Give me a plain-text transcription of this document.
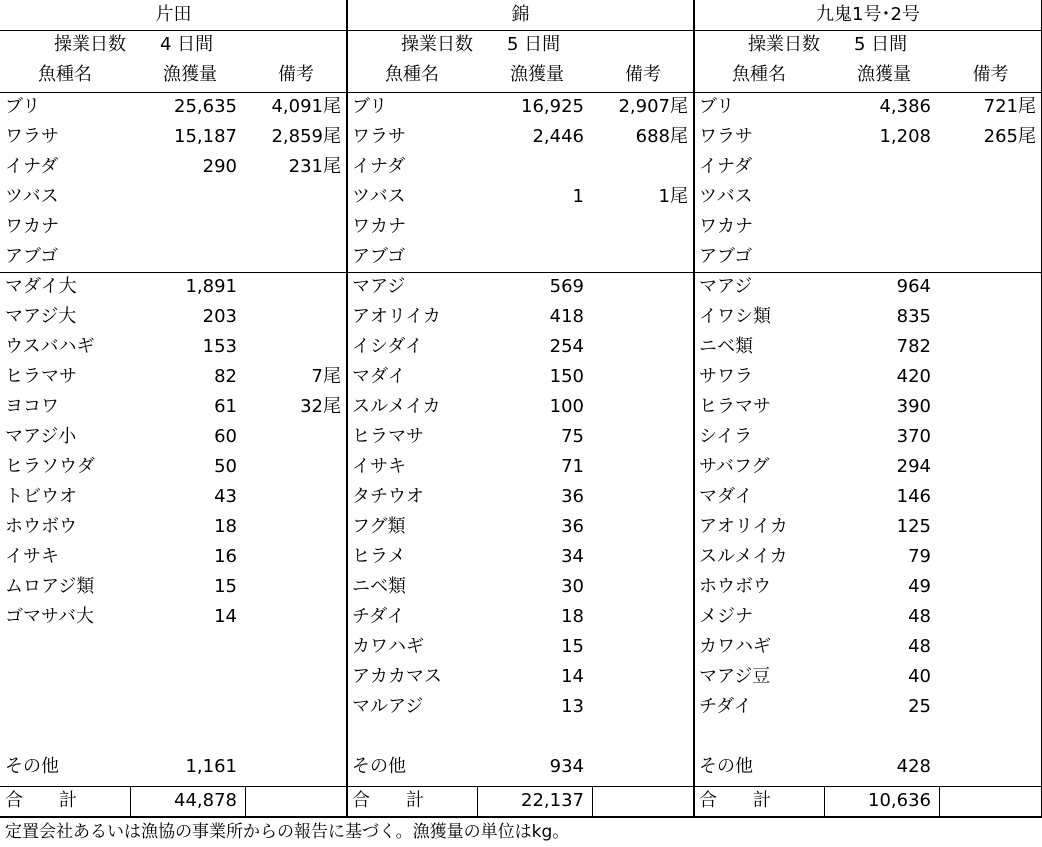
片田
操業日数	4 日間
魚種名	漁獲量	備考
ブリ	25,635	4,091尾
ワラサ	15,187	2,859尾
イナダ	290	231尾
ツバス
ワカナ
アブゴ
マダイ大	1,891
マアジ大	203
ウスバハギ	153
ヒラマサ	82	7尾
ヨコワ	61	32尾
マアジ小	60
ヒラソウダ	50
トビウオ	43
ホウボウ	18
イサキ	16
ムロアジ類	15
ゴマサバ大	14
その他	1,161
合　　計	44,878
錦
操業日数	5 日間
魚種名	漁獲量	備考
ブリ	16,925	2,907尾
ワラサ	2,446	688尾
イナダ
ツバス	1	1尾
ワカナ
アブゴ
マアジ	569
アオリイカ	418
イシダイ	254
マダイ	150
スルメイカ	100
ヒラマサ	75
イサキ	71
タチウオ	36
フグ類	36
ヒラメ	34
ニベ類	30
チダイ	18
カワハギ	15
アカカマス	14
マルアジ	13
その他	934
合　　計	22,137
九鬼1号･2号
操業日数	5 日間
魚種名	漁獲量	備考
ブリ	4,386	721尾
ワラサ	1,208	265尾
イナダ
ツバス
ワカナ
アブゴ
マアジ	964
イワシ類	835
ニベ類	782
サワラ	420
ヒラマサ	390
シイラ	370
サバフグ	294
マダイ	146
アオリイカ	125
スルメイカ	79
ホウボウ	49
メジナ	48
カワハギ	48
マアジ豆	40
チダイ	25
その他	428
合　　計	10,636
定置会社あるいは漁協の事業所からの報告に基づく。漁獲量の単位はkg。
